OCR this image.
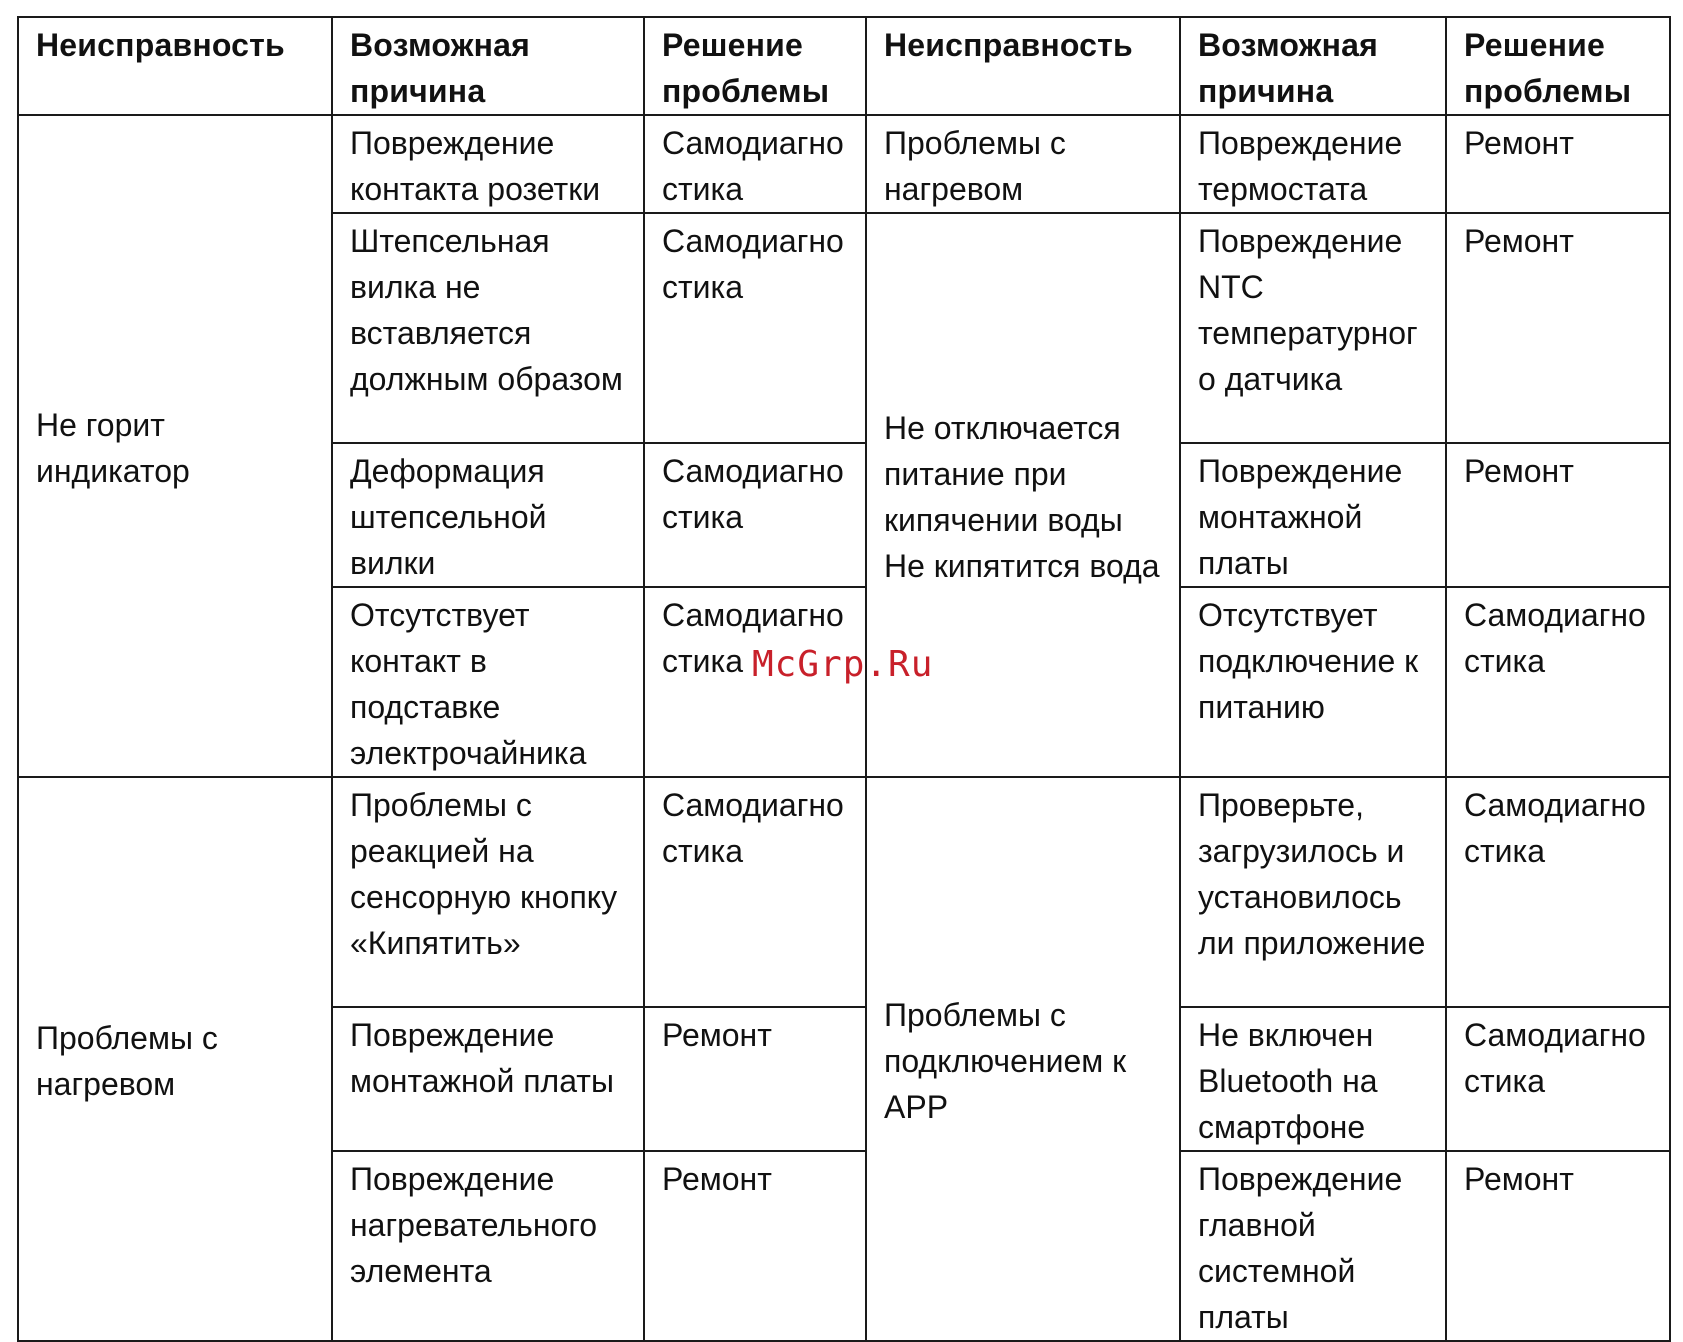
Неисправность	Возможная причина	Решение проблемы	Неисправность	Возможная причина	Решение проблемы
Не горит индикатор	Повреждение контакта розетки	Самодиагностика	Проблемы с нагревом	Повреждение термостата	Ремонт
	Штепсельная вилка не вставляется должным образом	Самодиагностика	Не отключается питание при кипячении воды Не кипятится вода	Повреждение NTC температурного датчика	Ремонт
	Деформация штепсельной вилки	Самодиагностика		Повреждение монтажной платы	Ремонт
	Отсутствует контакт в подставке электрочайника	Самодиагностика		Отсутствует подключение к питанию	Самодиагностика
Проблемы с нагревом	Проблемы с реакцией на сенсорную кнопку «Кипятить»	Самодиагностика	Проблемы с подключением к APP	Проверьте, загрузилось и установилось ли приложение	Самодиагностика
	Повреждение монтажной платы	Ремонт		Не включен Bluetooth на смартфоне	Самодиагностика
	Повреждение нагревательного элемента	Ремонт		Повреждение главной системной платы	Ремонт
McGrp.Ru
